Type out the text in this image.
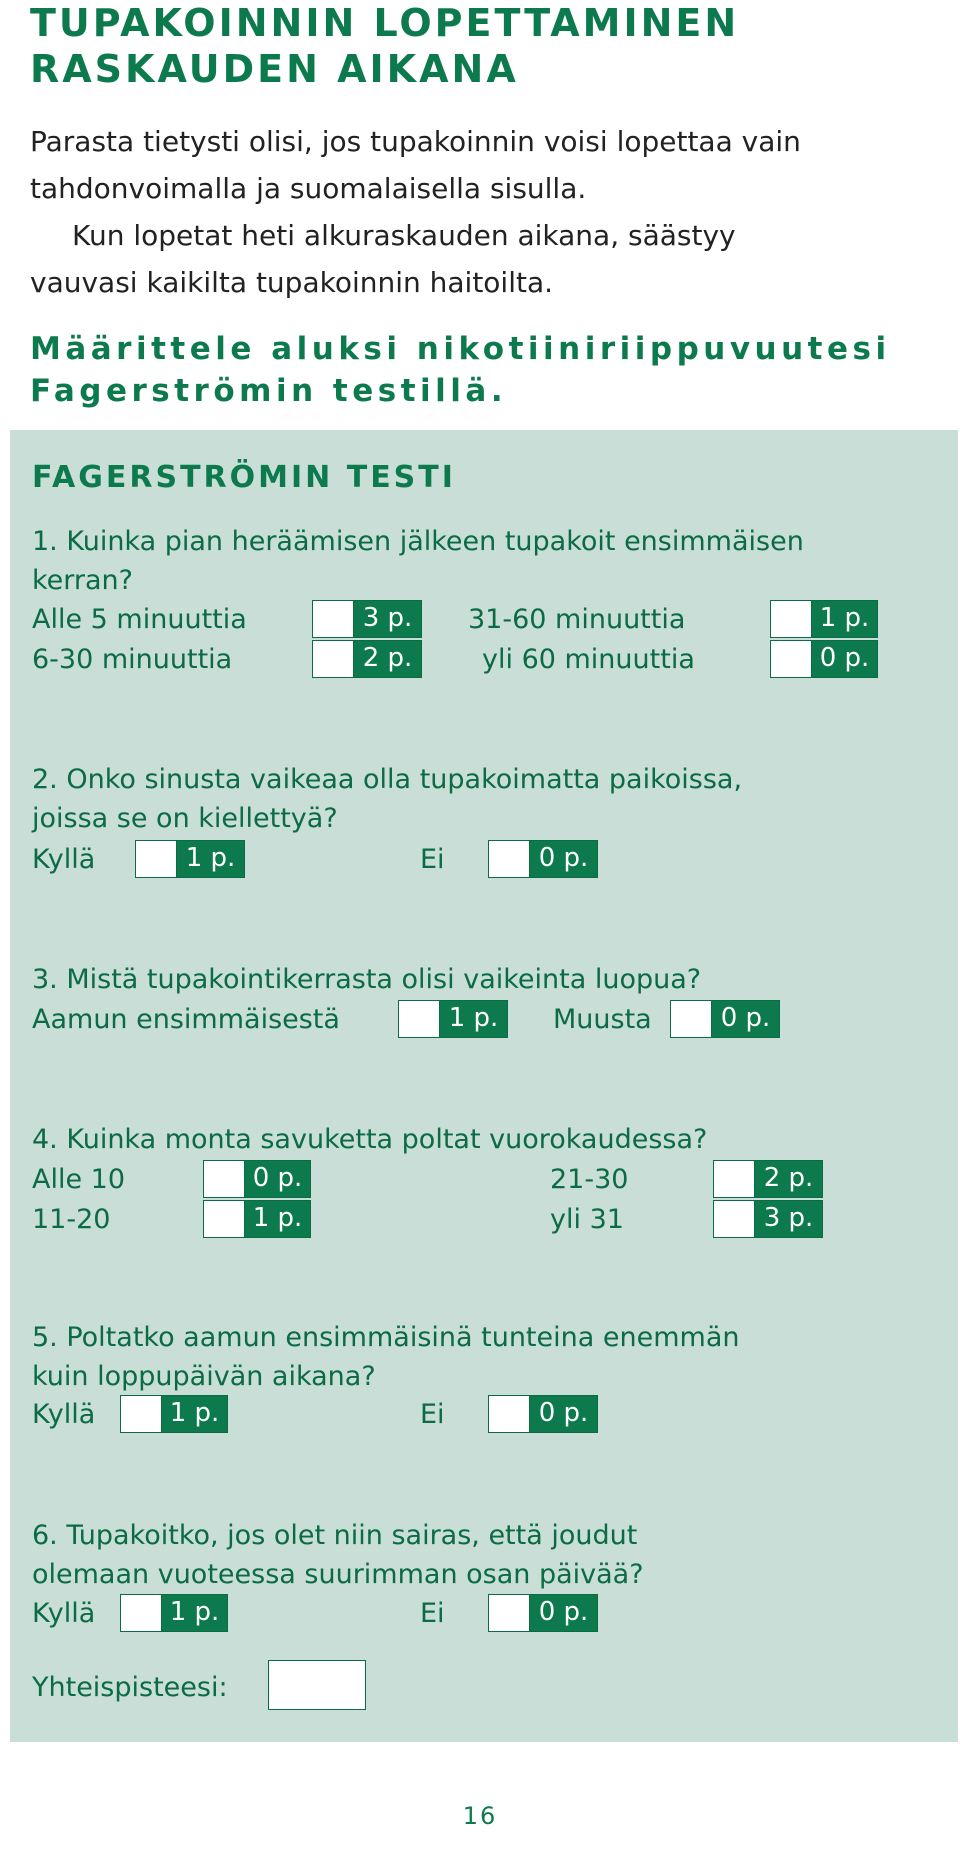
TUPAKOINNIN LOPETTAMINEN
RASKAUDEN AIKANA
Parasta tietysti olisi, jos tupakoinnin voisi lopettaa vain
tahdonvoimalla ja suomalaisella sisulla.
Kun lopetat heti alkuraskauden aikana, säästyy
vauvasi kaikilta tupakoinnin haitoilta.
Määrittele aluksi nikotiiniriippuvuutesi
Fagerströmin testillä.
FAGERSTRÖMIN TESTI
1. Kuinka pian heräämisen jälkeen tupakoit ensimmäisen
kerran?
Alle 5 minuuttia	3 p.	31-60 minuuttia	1 p.
6-30 minuuttia	2 p.	yli 60 minuuttia	0 p.
2. Onko sinusta vaikeaa olla tupakoimatta paikoissa,
joissa se on kiellettyä?
Kyllä	1 p.	Ei	0 p.
3. Mistä tupakointikerrasta olisi vaikeinta luopua?
Aamun ensimmäisestä	1 p.	Muusta	0 p.
4. Kuinka monta savuketta poltat vuorokaudessa?
Alle 10	0 p.	21-30	2 p.
11-20	1 p.	yli 31	3 p.
5. Poltatko aamun ensimmäisinä tunteina enemmän
kuin loppupäivän aikana?
Kyllä	1 p.	Ei	0 p.
6. Tupakoitko, jos olet niin sairas, että joudut
olemaan vuoteessa suurimman osan päivää?
Kyllä	1 p.	Ei	0 p.
Yhteispisteesi:
16
